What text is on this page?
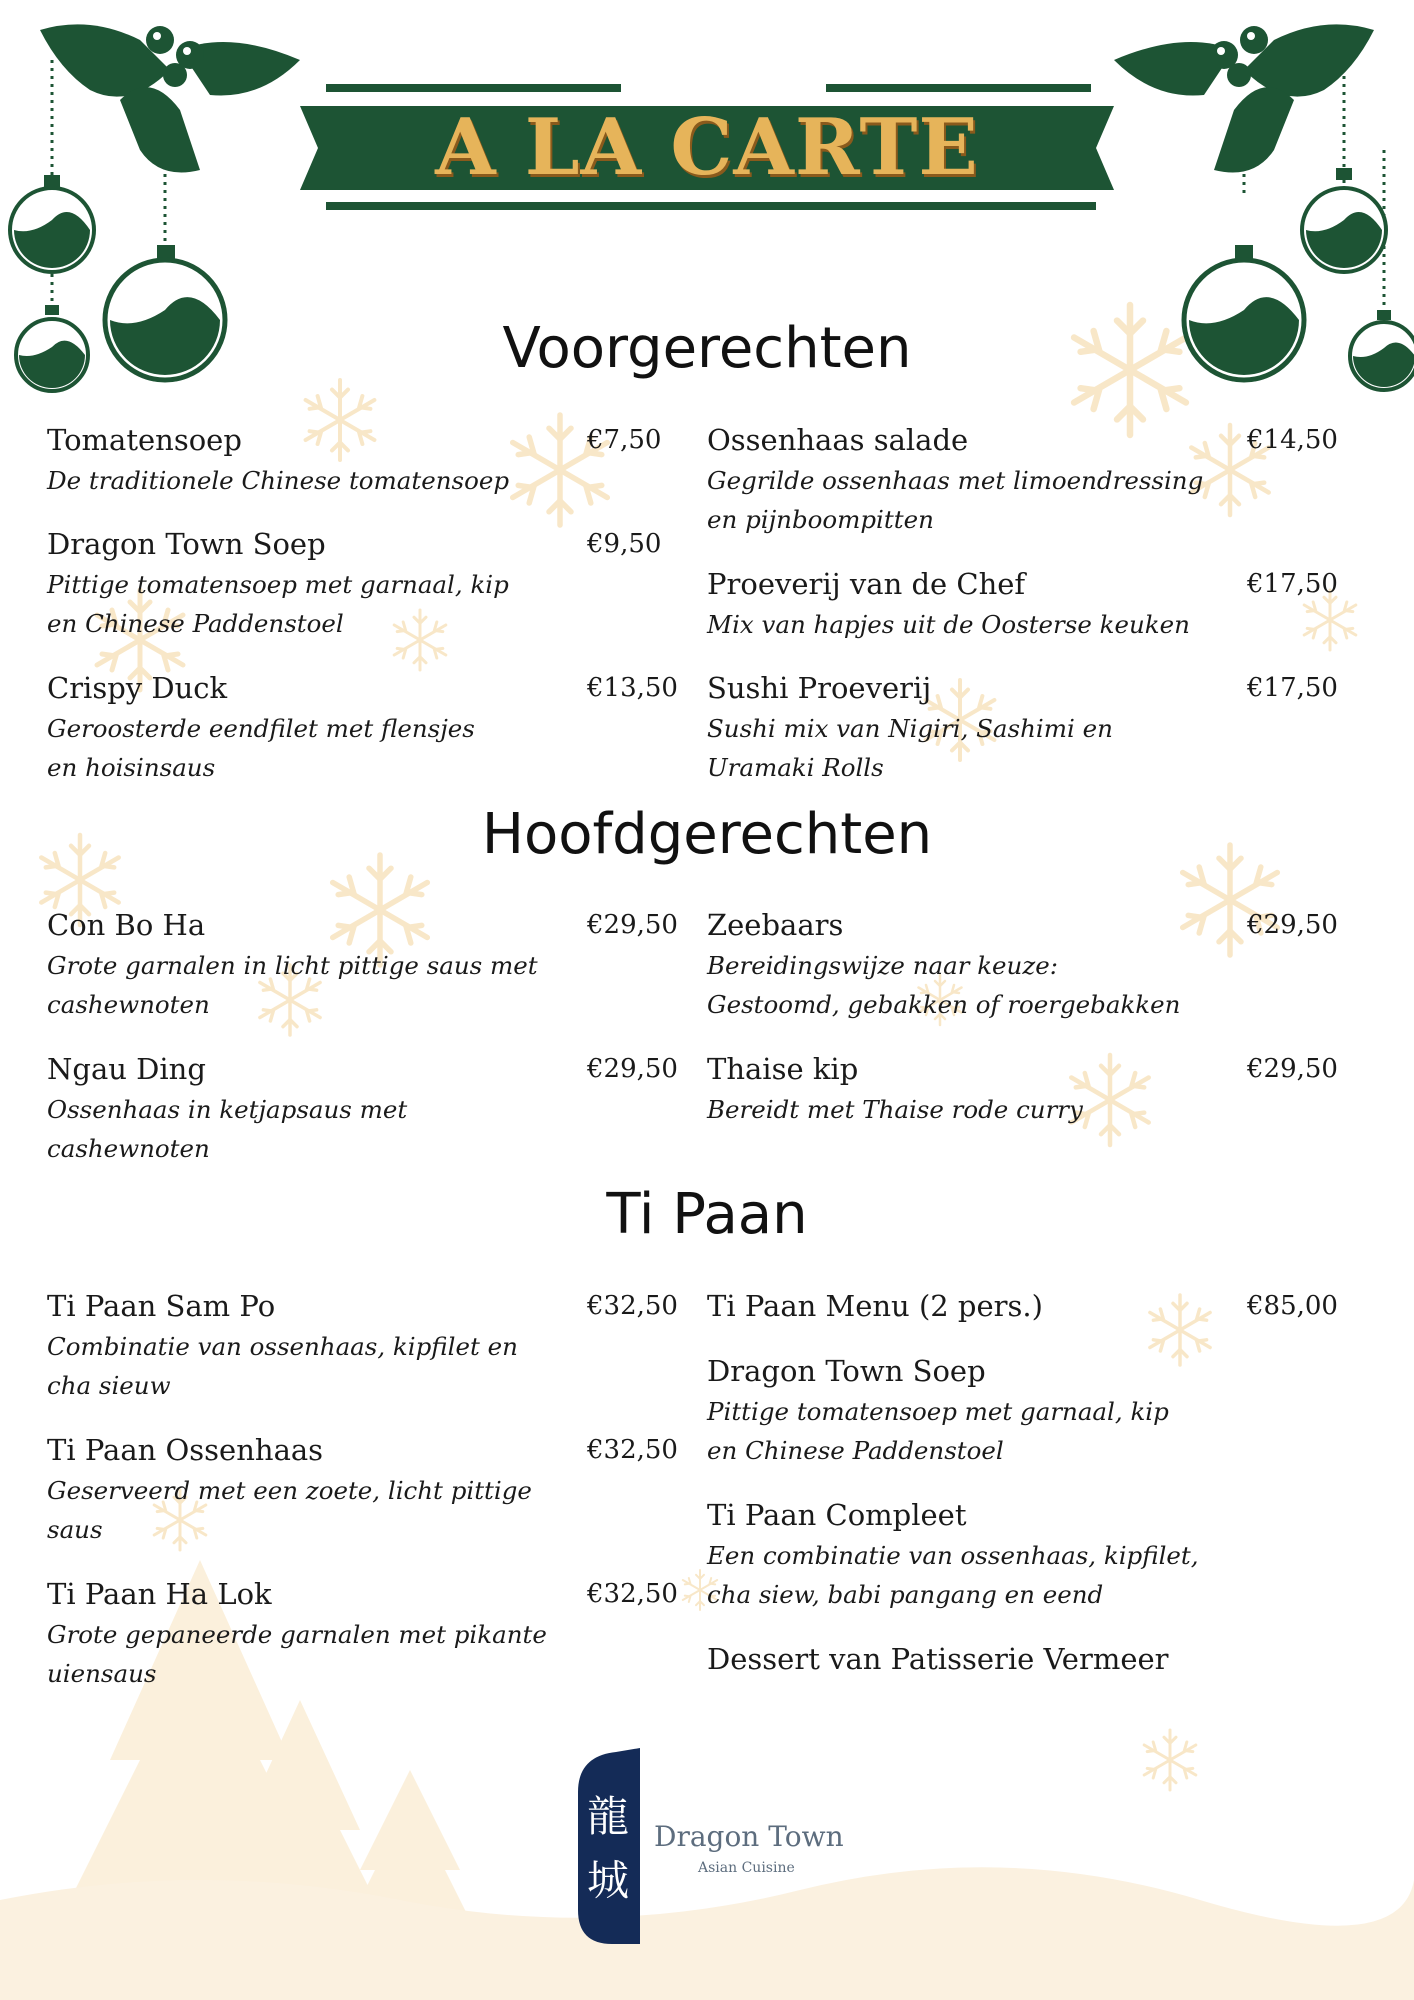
A LA CARTE
Voorgerechten
Tomatensoep
De traditionele Chinese tomatensoep
€7,50
Dragon Town Soep
Pittige tomatensoep met garnaal, kip
en Chinese Paddenstoel
€9,50
Crispy Duck
Geroosterde eendfilet met flensjes
en hoisinsaus
€13,50
Ossenhaas salade
Gegrilde ossenhaas met limoendressing
en pijnboompitten
€14,50
Proeverij van de Chef
Mix van hapjes uit de Oosterse keuken
€17,50
Sushi Proeverij
Sushi mix van Nigiri, Sashimi en
Uramaki Rolls
€17,50
Hoofdgerechten
Con Bo Ha
Grote garnalen in licht pittige saus met
cashewnoten
€29,50
Ngau Ding
Ossenhaas in ketjapsaus met
cashewnoten
€29,50
Zeebaars
Bereidingswijze naar keuze:
Gestoomd, gebakken of roergebakken
€29,50
Thaise kip
Bereidt met Thaise rode curry
€29,50
Ti Paan
Ti Paan Sam Po
Combinatie van ossenhaas, kipfilet en
cha sieuw
€32,50
Ti Paan Ossenhaas
Geserveerd met een zoete, licht pittige
saus
€32,50
Ti Paan Ha Lok
Grote gepaneerde garnalen met pikante
uiensaus
€32,50
Ti Paan Menu (2 pers.)	€85,00
Dragon Town Soep
Pittige tomatensoep met garnaal, kip
en Chinese Paddenstoel
Ti Paan Compleet
Een combinatie van ossenhaas, kipfilet,
cha siew, babi pangang en eend
Dessert van Patisserie Vermeer
龍
城
Dragon Town
Asian Cuisine
